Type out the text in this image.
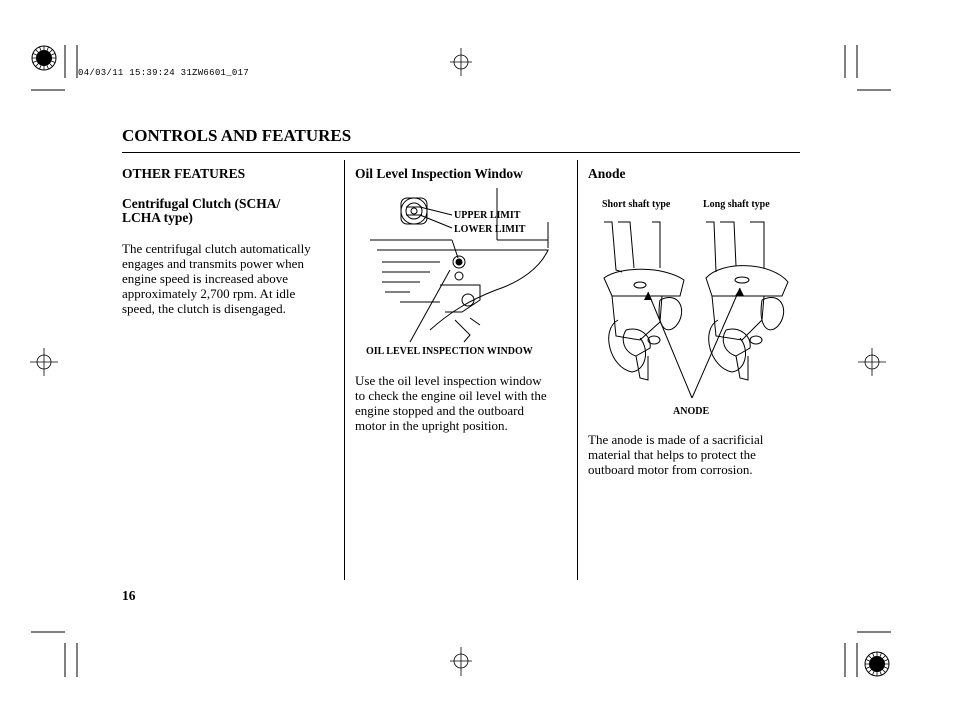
04/03/11 15:39:24 31ZW6601_017
CONTROLS AND FEATURES
OTHER FEATURES
Centrifugal Clutch (SCHA/
LCHA type)
The centrifugal clutch automatically
engages and transmits power when
engine speed is increased above
approximately 2,700 rpm. At idle
speed, the clutch is disengaged.
Oil Level Inspection Window
UPPER LIMIT
LOWER LIMIT
OIL LEVEL INSPECTION WINDOW
Use the oil level inspection window
to check the engine oil level with the
engine stopped and the outboard
motor in the upright position.
Anode
Short shaft type	Long shaft type
ANODE
The anode is made of a sacrificial
material that helps to protect the
outboard motor from corrosion.
16
